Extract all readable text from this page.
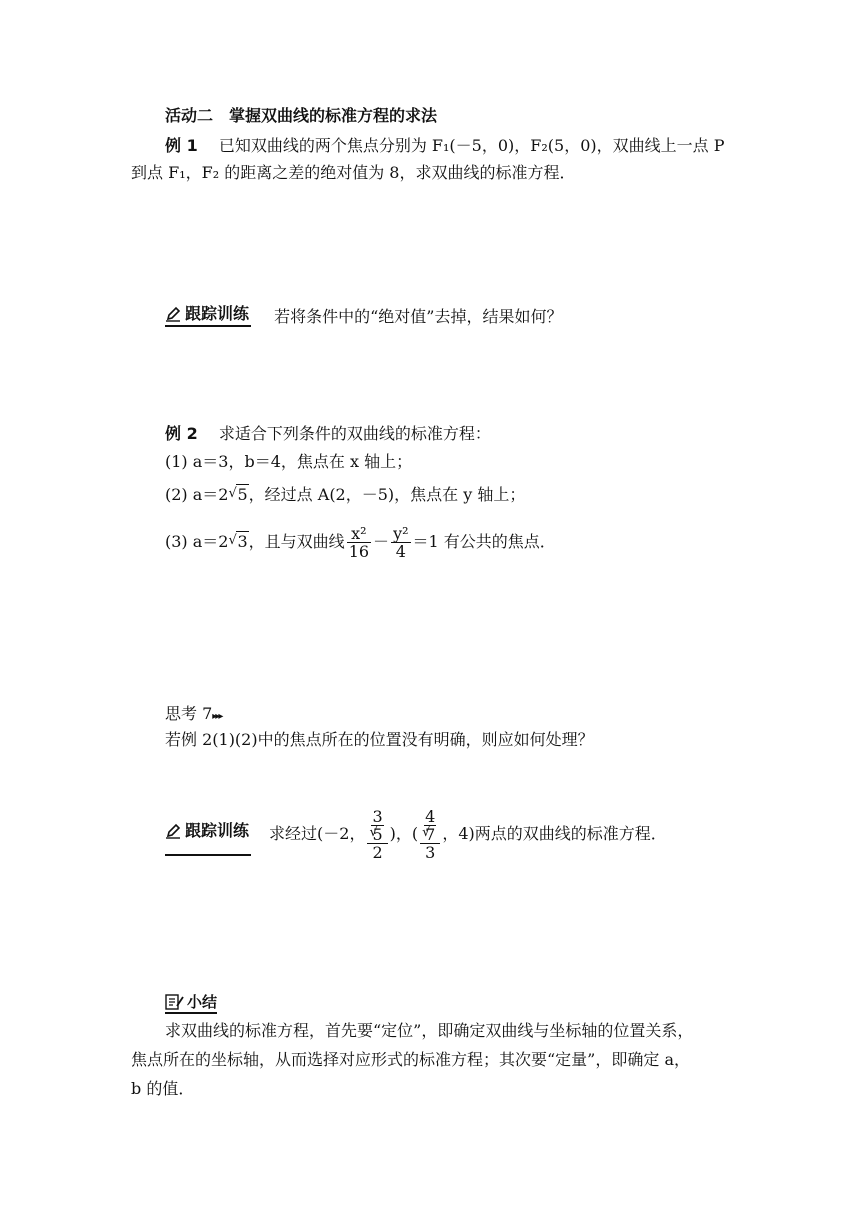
活动二　掌握双曲线的标准方程的求法
例 1　 已知双曲线的两个焦点分别为 F₁(－5，0)，F₂(5，0)，双曲线上一点 P
到点 F₁，F₂ 的距离之差的绝对值为 8，求双曲线的标准方程．
跟踪训练 若将条件中的“绝对值”去掉，结果如何？
例 2　 求适合下列条件的双曲线的标准方程：
(1) a＝3，b＝4，焦点在 x 轴上；
(2) a＝2 √ 5，经过点 A(2，－5)，焦点在 y 轴上；
(3) a＝2 √ 3，且与双曲线 $\frac{\text{x²}}{16} - \frac{\text{y²}}{4} =1$ 有公共的焦点．
思考 7▸▸▸
若例 2(1)(2)中的焦点所在的位置没有明确，则应如何处理？
跟踪训练 求经过(－2， 3
√ 5
2 )，( 4
√ 7
3 ，4)两点的双曲线的标准方程．
小结
求双曲线的标准方程，首先要“定位”，即确定双曲线与坐标轴的位置关系，
焦点所在的坐标轴，从而选择对应形式的标准方程；其次要“定量”，即确定 a，
b 的值．
